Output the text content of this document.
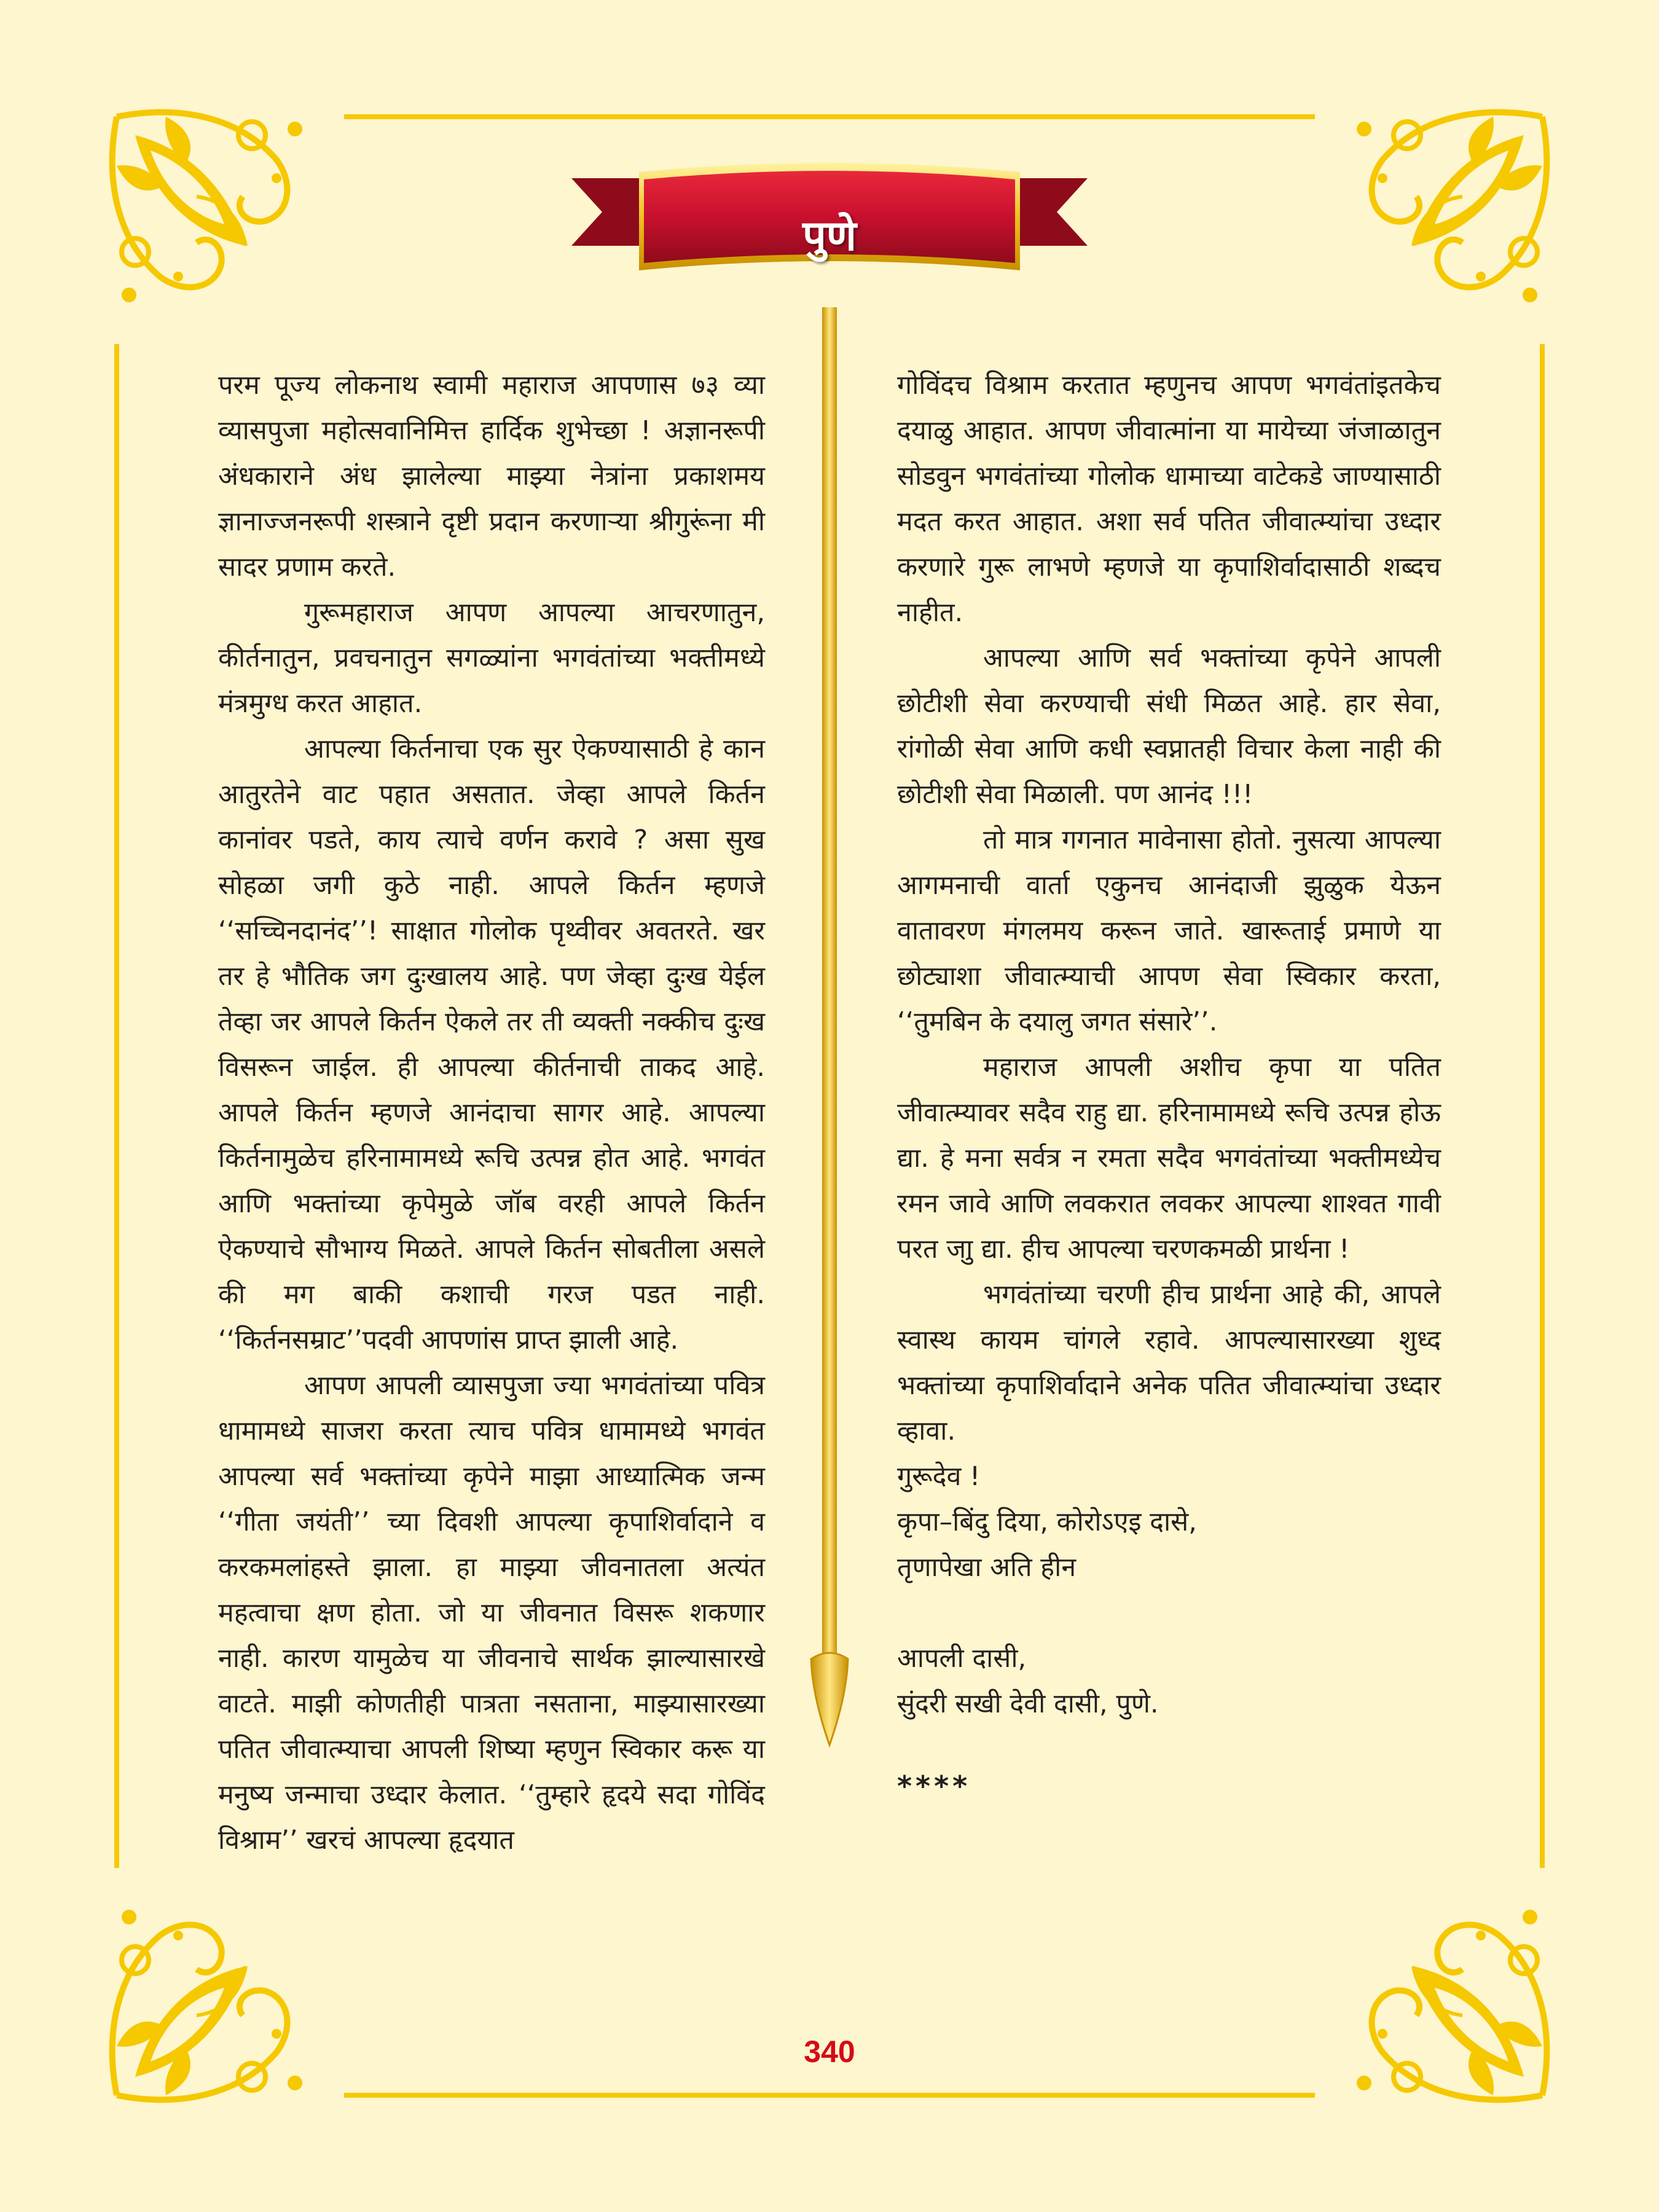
पुणे

परम पूज्य लोकनाथ स्वामी महाराज आपणास ७३ व्या व्यासपुजा महोत्सवानिमित्त हार्दिक शुभेच्छा ! अज्ञानरूपी अंधकाराने अंध झालेल्या माझ्या नेत्रांना प्रकाशमय ज्ञानाज्जनरूपी शस्त्राने दृष्टी प्रदान करणाऱ्या श्रीगुरूंना मी सादर प्रणाम करते.

गुरूमहाराज आपण आपल्या आचरणातुन, कीर्तनातुन, प्रवचनातुन सगळ्यांना भगवंतांच्या भक्तीमध्ये मंत्रमुग्ध करत आहात.

आपल्या किर्तनाचा एक सुर ऐकण्यासाठी हे कान आतुरतेने वाट पहात असतात. जेव्हा आपले किर्तन कानांवर पडते, काय त्याचे वर्णन करावे ? असा सुख सोहळा जगी कुठे नाही. आपले किर्तन म्हणजे ‘‘सच्चिनदानंद’’! साक्षात गोलोक पृथ्वीवर अवतरते. खर तर हे भौतिक जग दुःखालय आहे. पण जेव्हा दुःख येईल तेव्हा जर आपले किर्तन ऐकले तर ती व्यक्ती नक्कीच दुःख विसरून जाईल. ही आपल्या कीर्तनाची ताकद आहे. आपले किर्तन म्हणजे आनंदाचा सागर आहे. आपल्या किर्तनामुळेच हरिनामामध्ये रूचि उत्पन्न होत आहे. भगवंत आणि भक्तांच्या कृपेमुळे जॉब वरही आपले किर्तन ऐकण्याचे सौभाग्य मिळते. आपले किर्तन सोबतीला असले की मग बाकी कशाची गरज पडत नाही. ‘‘किर्तनसम्राट’’पदवी आपणांस प्राप्त झाली आहे.

आपण आपली व्यासपुजा ज्या भगवंतांच्या पवित्र धामामध्ये साजरा करता त्याच पवित्र धामामध्ये भगवंत आपल्या सर्व भक्तांच्या कृपेने माझा आध्यात्मिक जन्म ‘‘गीता जयंती’’ च्या दिवशी आपल्या कृपाशिर्वादाने व करकमलांहस्ते झाला. हा माझ्या जीवनातला अत्यंत महत्वाचा क्षण होता. जो या जीवनात विसरू शकणार नाही. कारण यामुळेच या जीवनाचे सार्थक झाल्यासारखे वाटते. माझी कोणतीही पात्रता नसताना, माझ्यासारख्या पतित जीवात्म्याचा आपली शिष्या म्हणुन स्विकार करू या मनुष्य जन्माचा उध्दार केलात. ‘‘तुम्हारे हृदये सदा गोविंद विश्राम’’ खरचं आपल्या हृदयात

गोविंदच विश्राम करतात म्हणुनच आपण भगवंतांइतकेच दयाळु आहात. आपण जीवात्मांना या मायेच्या जंजाळातुन सोडवुन भगवंतांच्या गोलोक धामाच्या वाटेकडे जाण्यासाठी मदत करत आहात. अशा सर्व पतित जीवात्म्यांचा उध्दार करणारे गुरू लाभणे म्हणजे या कृपाशिर्वादासाठी शब्दच नाहीत.

आपल्या आणि सर्व भक्तांच्या कृपेने आपली छोटीशी सेवा करण्याची संधी मिळत आहे. हार सेवा, रांगोळी सेवा आणि कधी स्वप्नातही विचार केला नाही की छोटीशी सेवा मिळाली. पण आनंद !!!

तो मात्र गगनात मावेनासा होतो. नुसत्या आपल्या आगमनाची वार्ता एकुनच आनंदाजी झुळुक येऊन वातावरण मंगलमय करून जाते. खारूताई प्रमाणे या छोट्याशा जीवात्म्याची आपण सेवा स्विकार करता, ‘‘तुमबिन के दयालु जगत संसारे’’.

महाराज आपली अशीच कृपा या पतित जीवात्म्यावर सदैव राहु द्या. हरिनामामध्ये रूचि उत्पन्न होऊ द्या. हे मना सर्वत्र न रमता सदैव भगवंतांच्या भक्तीमध्येच रमन जावे आणि लवकरात लवकर आपल्या शाश्वत गावी परत जाु द्या. हीच आपल्या चरणकमळी प्रार्थना !

भगवंतांच्या चरणी हीच प्रार्थना आहे की, आपले स्वास्थ कायम चांगले रहावे. आपल्यासारख्या शुध्द भक्तांच्या कृपाशिर्वादाने अनेक पतित जीवात्म्यांचा उध्दार व्हावा.

गुरूदेव !

कृपा–बिंदु दिया, कोरोऽएइ दासे,

तृणापेखा अति हीन

आपली दासी,

सुंदरी सखी देवी दासी, पुणे.

****

340
